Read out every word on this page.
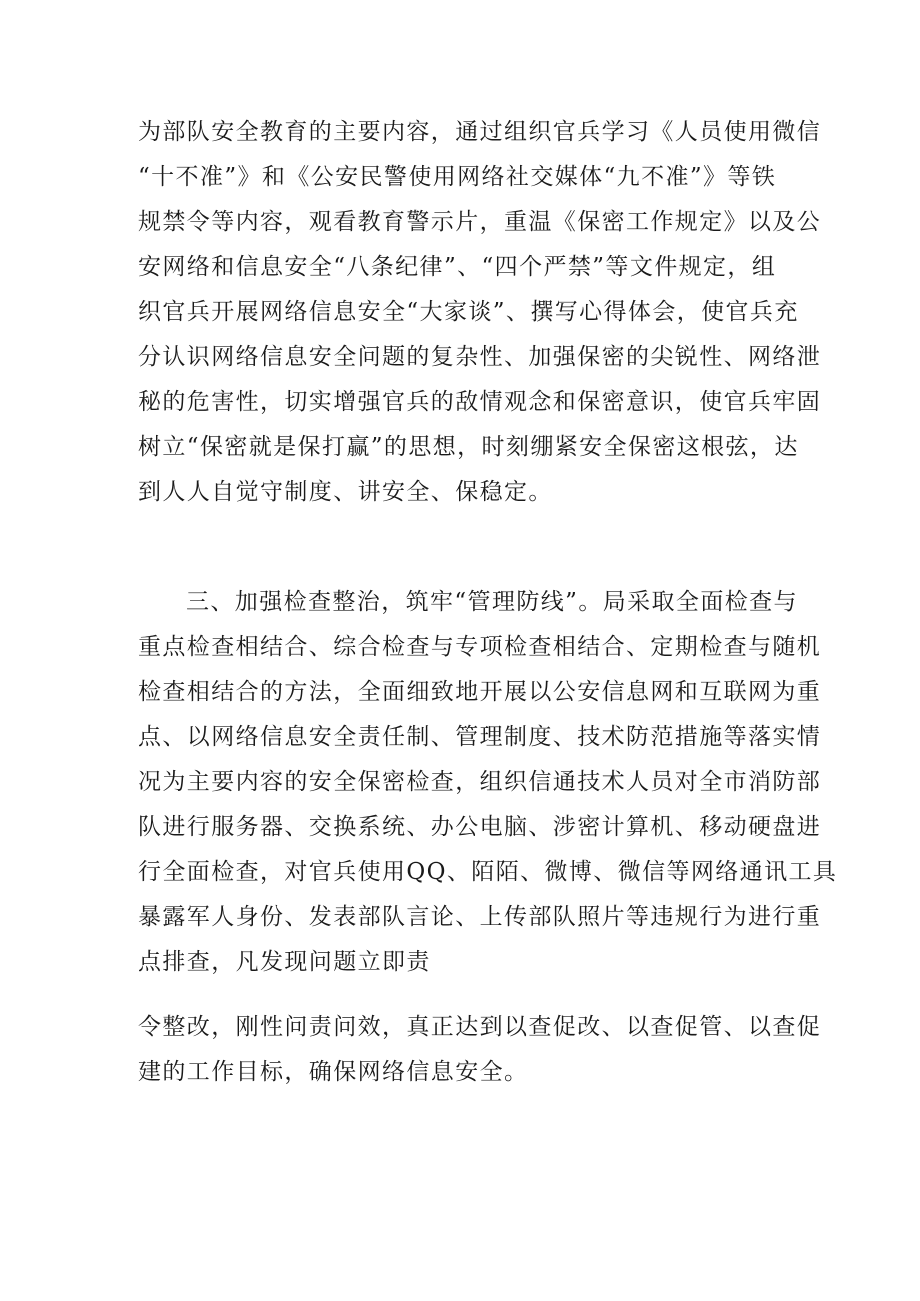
为部队安全教育的主要内容，通过组织官兵学习《人员使用微信
“十不准”》和《公安民警使用网络社交媒体“九不准”》等铁
规禁令等内容，观看教育警示片，重温《保密工作规定》以及公
安网络和信息安全“八条纪律”、“四个严禁”等文件规定，组
织官兵开展网络信息安全“大家谈”、撰写心得体会，使官兵充
分认识网络信息安全问题的复杂性、加强保密的尖锐性、网络泄
秘的危害性，切实增强官兵的敌情观念和保密意识，使官兵牢固
树立“保密就是保打赢”的思想，时刻绷紧安全保密这根弦，达
到人人自觉守制度、讲安全、保稳定。
三、加强检查整治，筑牢“管理防线”。局采取全面检查与
重点检查相结合、综合检查与专项检查相结合、定期检查与随机
检查相结合的方法，全面细致地开展以公安信息网和互联网为重
点、以网络信息安全责任制、管理制度、技术防范措施等落实情
况为主要内容的安全保密检查，组织信通技术人员对全市消防部
队进行服务器、交换系统、办公电脑、涉密计算机、移动硬盘进
行全面检查，对官兵使用QQ、陌陌、微博、微信等网络通讯工具
暴露军人身份、发表部队言论、上传部队照片等违规行为进行重
点排查，凡发现问题立即责
令整改，刚性问责问效，真正达到以查促改、以查促管、以查促
建的工作目标，确保网络信息安全。
